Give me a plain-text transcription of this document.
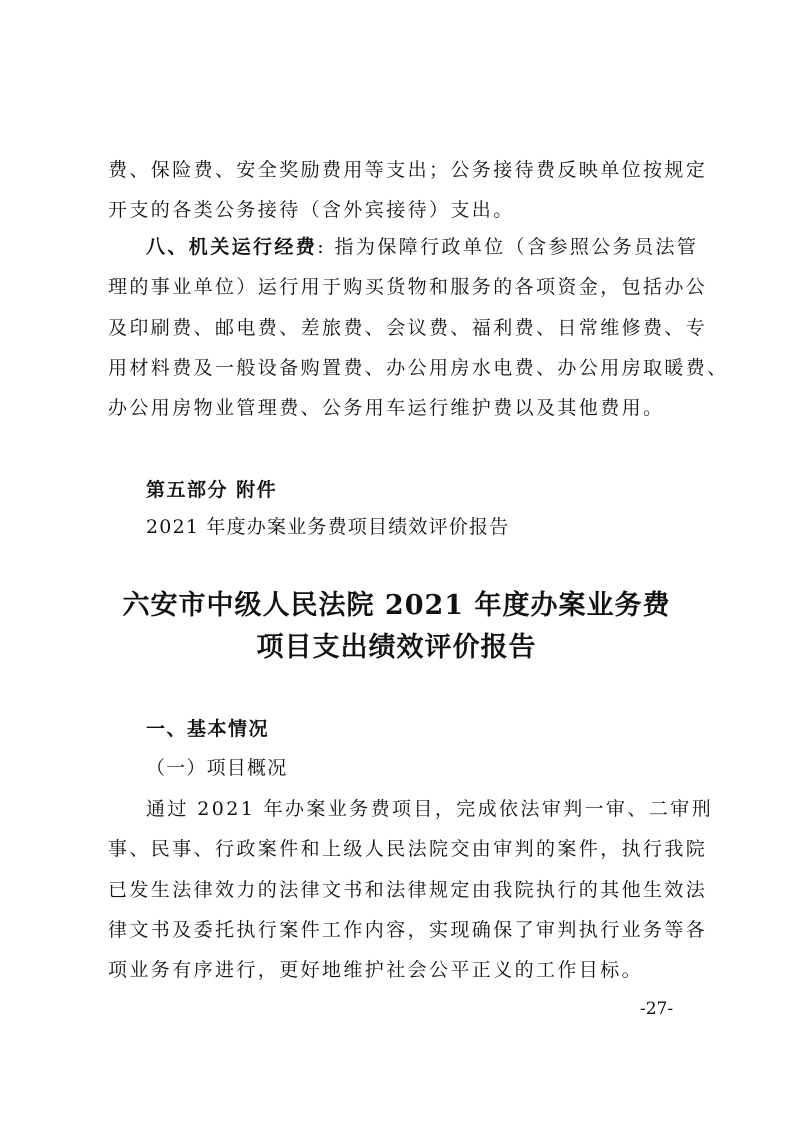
费、保险费、安全奖励费用等支出；公务接待费反映单位按规定
开支的各类公务接待（含外宾接待）支出。
八、机关运行经费: 指为保障行政单位（含参照公务员法管
理的事业单位）运行用于购买货物和服务的各项资金，包括办公
及印刷费、邮电费、差旅费、会议费、福利费、日常维修费、专
用材料费及一般设备购置费、办公用房水电费、办公用房取暖费、
办公用房物业管理费、公务用车运行维护费以及其他费用。
第五部分 附件
2021 年度办案业务费项目绩效评价报告
六安市中级人民法院 2021 年度办案业务费
项目支出绩效评价报告
一、基本情况
（一）项目概况
通过 2021 年办案业务费项目，完成依法审判一审、二审刑
事、民事、行政案件和上级人民法院交由审判的案件，执行我院
已发生法律效力的法律文书和法律规定由我院执行的其他生效法
律文书及委托执行案件工作内容，实现确保了审判执行业务等各
项业务有序进行，更好地维护社会公平正义的工作目标。
-27-
